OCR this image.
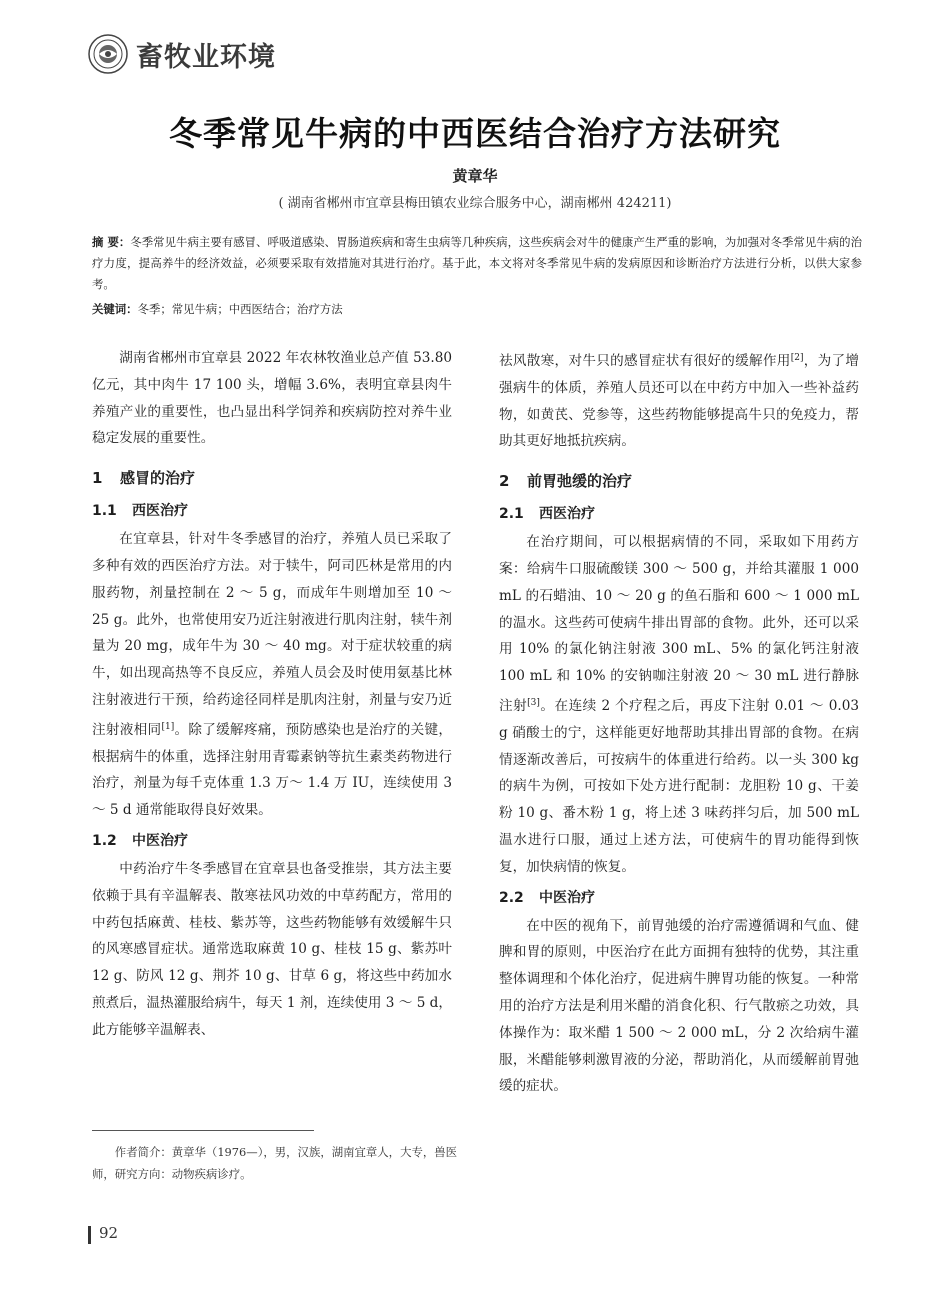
畜牧业环境
冬季常见牛病的中西医结合治疗方法研究
黄章华
( 湖南省郴州市宜章县梅田镇农业综合服务中心，湖南郴州 424211)
摘 要：冬季常见牛病主要有感冒、呼吸道感染、胃肠道疾病和寄生虫病等几种疾病，这些疾病会对牛的健康产生严重的影响，为加强对冬季常见牛病的治疗力度，提高养牛的经济效益，必须要采取有效措施对其进行治疗。基于此，本文将对冬季常见牛病的发病原因和诊断治疗方法进行分析，以供大家参考。
关键词：冬季；常见牛病；中西医结合；治疗方法

湖南省郴州市宜章县 2022 年农林牧渔业总产值 53.80 亿元，其中肉牛 17 100 头，增幅 3.6%，表明宜章县肉牛养殖产业的重要性，也凸显出科学饲养和疾病防控对养牛业稳定发展的重要性。

1 感冒的治疗
1.1 西医治疗

在宜章县，针对牛冬季感冒的治疗，养殖人员已采取了多种有效的西医治疗方法。对于犊牛，阿司匹林是常用的内服药物，剂量控制在 2 ～ 5 g，而成年牛则增加至 10 ～ 25 g。此外，也常使用安乃近注射液进行肌肉注射，犊牛剂量为 20 mg，成年牛为 30 ～ 40 mg。对于症状较重的病牛，如出现高热等不良反应，养殖人员会及时使用氨基比林注射液进行干预，给药途径同样是肌肉注射，剂量与安乃近注射液相同[1]。除了缓解疼痛，预防感染也是治疗的关键，根据病牛的体重，选择注射用青霉素钠等抗生素类药物进行治疗，剂量为每千克体重 1.3 万～ 1.4 万 IU，连续使用 3 ～ 5 d 通常能取得良好效果。

1.2 中医治疗

中药治疗牛冬季感冒在宜章县也备受推崇，其方法主要依赖于具有辛温解表、散寒祛风功效的中草药配方，常用的中药包括麻黄、桂枝、紫苏等，这些药物能够有效缓解牛只的风寒感冒症状。通常选取麻黄 10 g、桂枝 15 g、紫苏叶 12 g、防风 12 g、荆芥 10 g、甘草 6 g，将这些中药加水煎煮后，温热灌服给病牛，每天 1 剂，连续使用 3 ～ 5 d，此方能够辛温解表、

祛风散寒，对牛只的感冒症状有很好的缓解作用[2]，为了增强病牛的体质，养殖人员还可以在中药方中加入一些补益药物，如黄芪、党参等，这些药物能够提高牛只的免疫力，帮助其更好地抵抗疾病。

2 前胃弛缓的治疗
2.1 西医治疗

在治疗期间，可以根据病情的不同，采取如下用药方案：给病牛口服硫酸镁 300 ～ 500 g，并给其灌服 1 000 mL 的石蜡油、10 ～ 20 g 的鱼石脂和 600 ～ 1 000 mL 的温水。这些药可使病牛排出胃部的食物。此外，还可以采用 10% 的氯化钠注射液 300 mL、5% 的氯化钙注射液 100 mL 和 10% 的安钠咖注射液 20 ～ 30 mL 进行静脉注射[3]。在连续 2 个疗程之后，再皮下注射 0.01 ～ 0.03 g 硝酸士的宁，这样能更好地帮助其排出胃部的食物。在病情逐渐改善后，可按病牛的体重进行给药。以一头 300 kg 的病牛为例，可按如下处方进行配制：龙胆粉 10 g、干姜粉 10 g、番木粉 1 g，将上述 3 味药拌匀后，加 500 mL 温水进行口服，通过上述方法，可使病牛的胃功能得到恢复，加快病情的恢复。

2.2 中医治疗

在中医的视角下，前胃弛缓的治疗需遵循调和气血、健脾和胃的原则，中医治疗在此方面拥有独特的优势，其注重整体调理和个体化治疗，促进病牛脾胃功能的恢复。一种常用的治疗方法是利用米醋的消食化积、行气散瘀之功效，具体操作为：取米醋 1 500 ～ 2 000 mL，分 2 次给病牛灌服，米醋能够刺激胃液的分泌，帮助消化，从而缓解前胃弛缓的症状。

作者简介：黄章华（1976—），男，汉族，湖南宜章人，大专，兽医师，研究方向：动物疾病诊疗。
92
